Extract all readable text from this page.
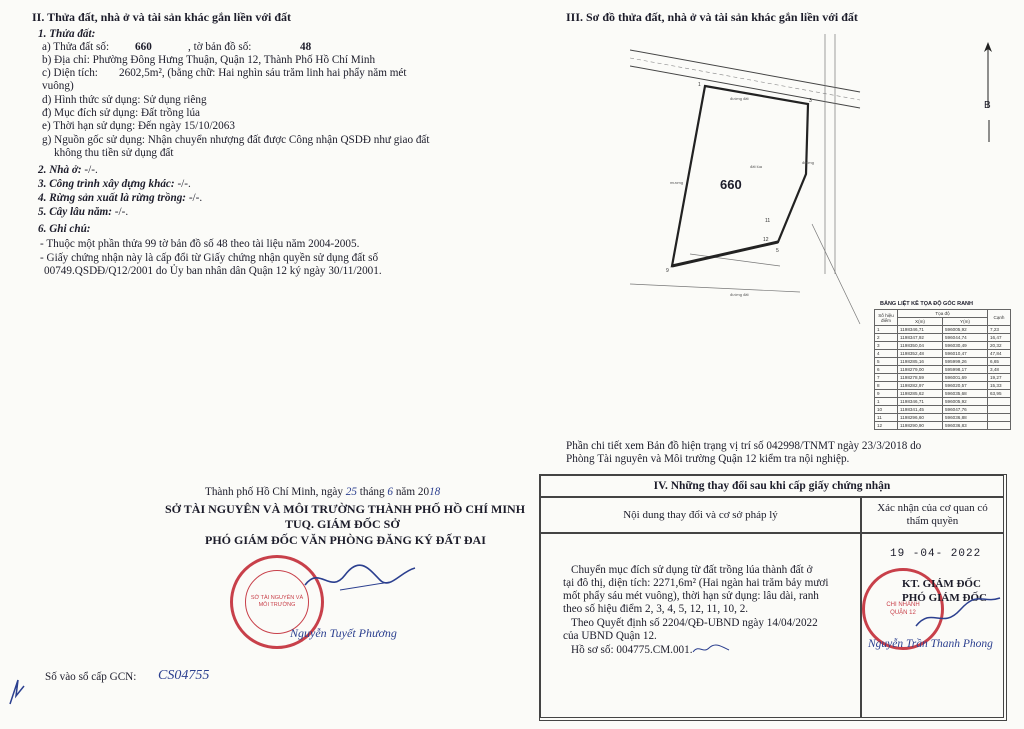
II. Thửa đất, nhà ở và tài sản khác gắn liền với đất
1. Thửa đất:
a) Thửa đất số: 660	, tờ bản đồ số:	48
b) Địa chỉ: Phường Đông Hưng Thuận, Quận 12, Thành Phố Hồ Chí Minh
c) Diện tích: 2602,5m², (bằng chữ: Hai nghìn sáu trăm linh hai phẩy năm mét
vuông)
d) Hình thức sử dụng: Sử dụng riêng
đ) Mục đích sử dụng: Đất trồng lúa
e) Thời hạn sử dụng: Đến ngày 15/10/2063
g) Nguồn gốc sử dụng: Nhận chuyển nhượng đất được Công nhận QSDĐ như giao đất
không thu tiền sử dụng đất
2. Nhà ở: -/-.
3. Công trình xây dựng khác: -/-.
4. Rừng sản xuất là rừng trồng: -/-.
5. Cây lâu năm: -/-.
6. Ghi chú:
- Thuộc một phần thửa 99 tờ bản đồ số 48 theo tài liệu năm 2004-2005.
- Giấy chứng nhận này là cấp đổi từ Giấy chứng nhận quyền sử dụng đất số
00749.QSDĐ/Q12/2001 do Ủy ban nhân dân Quận 12 ký ngày 30/11/2001.
Thành phố Hồ Chí Minh, ngày 25 tháng 6 năm 2018
SỞ TÀI NGUYÊN VÀ MÔI TRƯỜNG THÀNH PHỐ HỒ CHÍ MINH
TUQ. GIÁM ĐỐC SỞ
PHÓ GIÁM ĐỐC VĂN PHÒNG ĐĂNG KÝ ĐẤT ĐAI
SỞ TÀI NGUYÊN VÀ MÔI TRƯỜNG
Nguyễn Tuyết Phương
Số vào sổ cấp GCN: CS04755
III. Sơ đồ thửa đất, nhà ở và tài sản khác gắn liền với đất
đường đất
đất lúa
mương
đường
đường đất
1
3
5
9
11
12
660
B
BẢNG LIỆT KÊ TỌA ĐỘ GÓC RANH
Số hiệu điểm	Tọa độ		Cạnh
	X(m)	Y(m)	
1	1198346,71	596005,92	7,23
2	1198347,92	596044,74	16,47
3	1198350,04	596030,49	20,32
4	1198352,48	596010,47	47,84
5	1198285,16	595999,26	6,65
6	1198279,00	595998,17	3,48
7	1198278,59	596001,69	19,27
8	1198282,97	596020,57	15,33
9	1198285,62	596035,68	63,95
1	1198346,71	596005,92	
10	1198341,45	596047,76	
11	1198296,60	596036,88	
12	1198290,90	596036,83	
Phần chi tiết xem Bản đồ hiện trạng vị trí số 042998/TNMT ngày 23/3/2018 do
Phòng Tài nguyên và Môi trường Quận 12 kiểm tra nội nghiệp.
IV. Những thay đổi sau khi cấp giấy chứng nhận
Nội dung thay đổi và cơ sở pháp lý
Xác nhận của cơ quan có thẩm quyền
Chuyển mục đích sử dụng từ đất trồng lúa thành đất ở
tại đô thị, diện tích: 2271,6m² (Hai ngàn hai trăm bảy mươi
mốt phẩy sáu mét vuông), thời hạn sử dụng: lâu dài, ranh
theo số hiệu điểm 2, 3, 4, 5, 12, 11, 10, 2.
Theo Quyết định số 2204/QĐ-UBND ngày 14/04/2022
của UBND Quận 12.
Hồ sơ số: 004775.CM.001.
19 -04- 2022
CHI NHÁNH QUẬN 12
KT. GIÁM ĐỐC
PHÓ GIÁM ĐỐC
Nguyễn Trần Thanh Phong
